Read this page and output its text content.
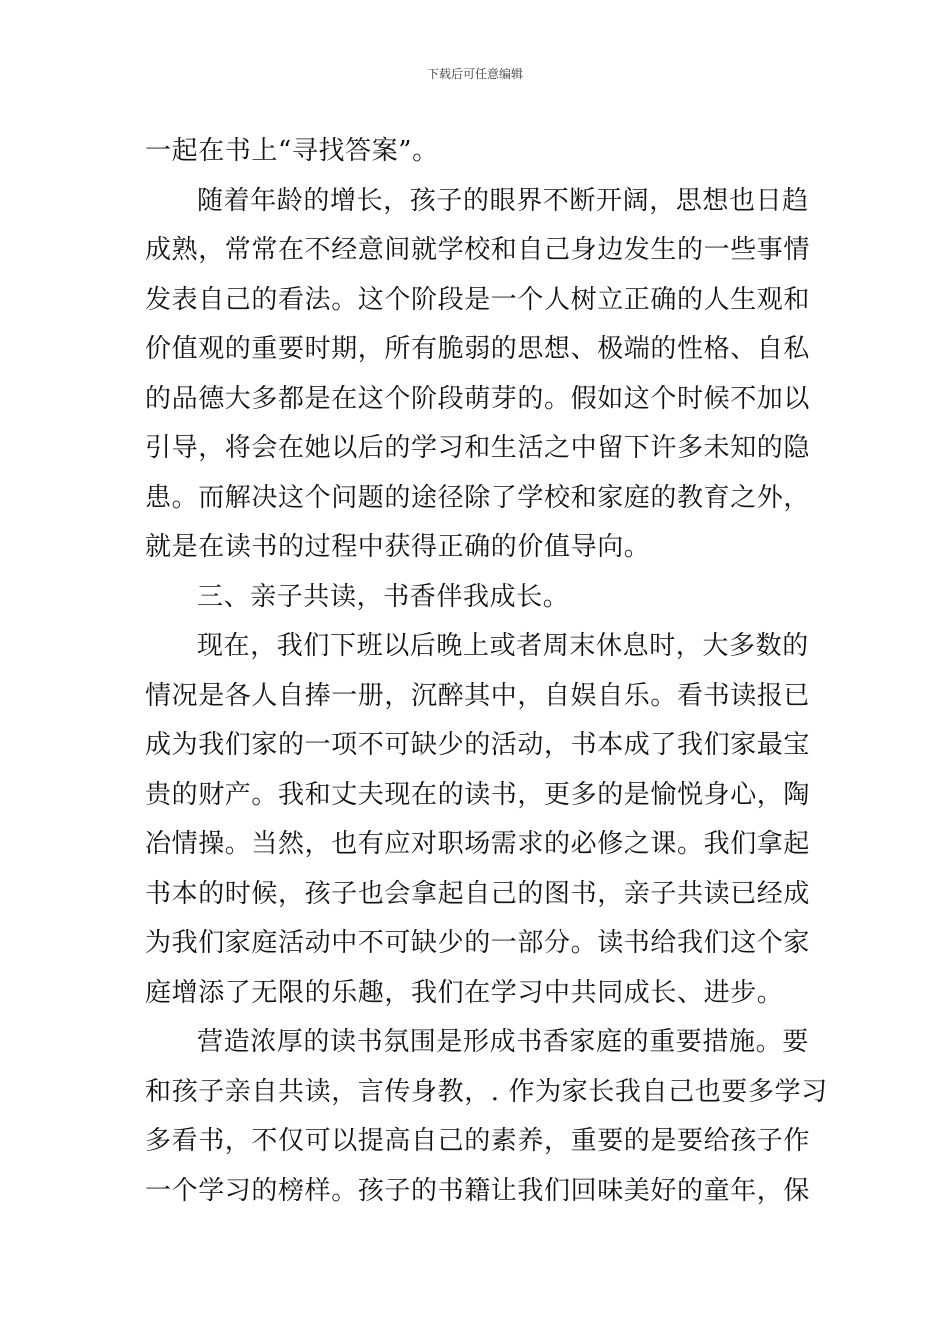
下载后可任意编辑
一起在书上“寻找答案”。
随着年龄的增长，孩子的眼界不断开阔，思想也日趋
成熟，常常在不经意间就学校和自己身边发生的一些事情
发表自己的看法。这个阶段是一个人树立正确的人生观和
价值观的重要时期，所有脆弱的思想、极端的性格、自私
的品德大多都是在这个阶段萌芽的。假如这个时候不加以
引导，将会在她以后的学习和生活之中留下许多未知的隐
患。而解决这个问题的途径除了学校和家庭的教育之外，
就是在读书的过程中获得正确的价值导向。
三、亲子共读，书香伴我成长。
现在，我们下班以后晚上或者周末休息时，大多数的
情况是各人自捧一册，沉醉其中，自娱自乐。看书读报已
成为我们家的一项不可缺少的活动，书本成了我们家最宝
贵的财产。我和丈夫现在的读书，更多的是愉悦身心，陶
冶情操。当然，也有应对职场需求的必修之课。我们拿起
书本的时候，孩子也会拿起自己的图书，亲子共读已经成
为我们家庭活动中不可缺少的一部分。读书给我们这个家
庭增添了无限的乐趣，我们在学习中共同成长、进步。
营造浓厚的读书氛围是形成书香家庭的重要措施。要
和孩子亲自共读，言传身教，. 作为家长我自己也要多学习
多看书，不仅可以提高自己的素养，重要的是要给孩子作
一个学习的榜样。孩子的书籍让我们回味美好的童年，保
